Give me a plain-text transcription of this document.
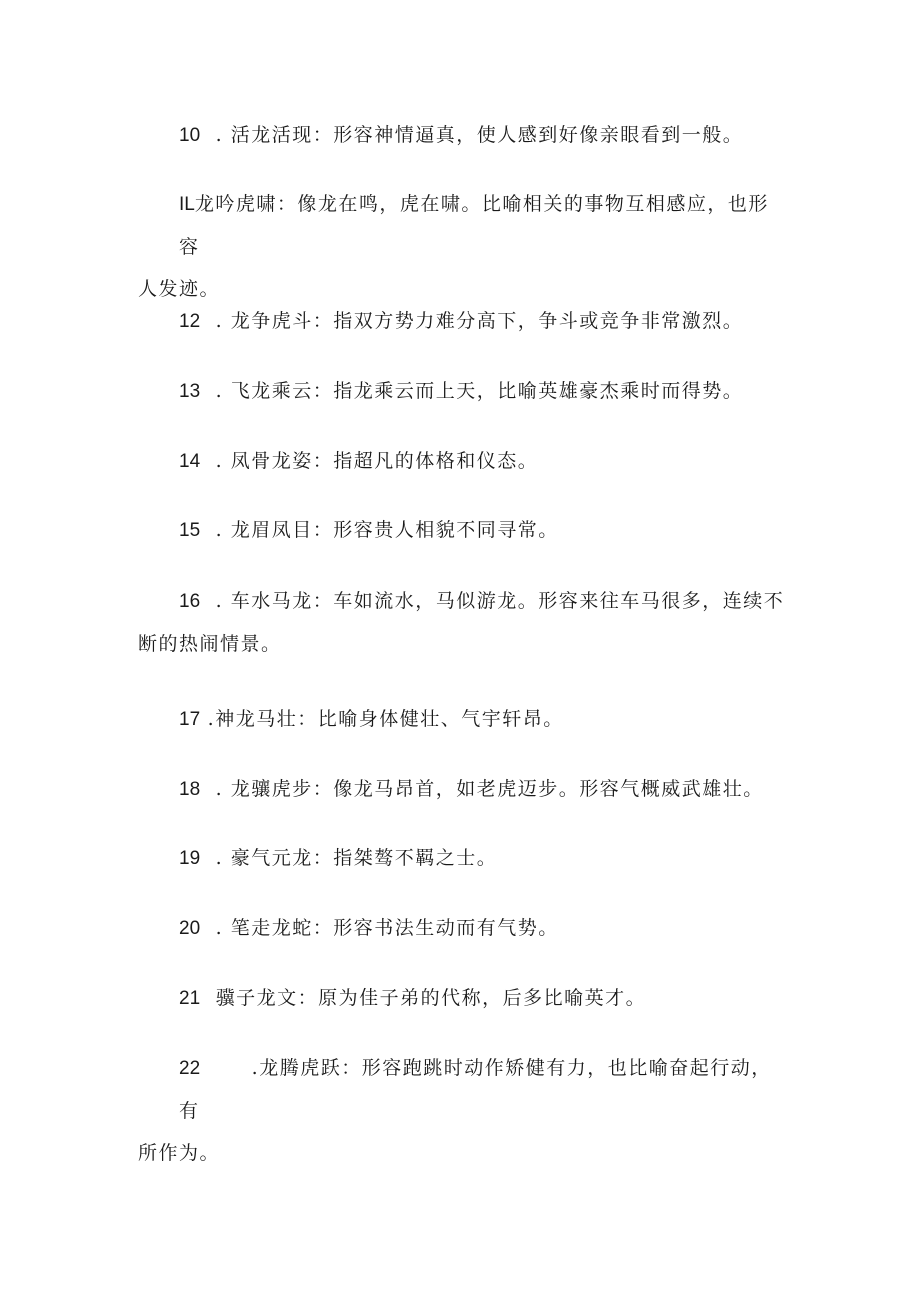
10 . 活龙活现：形容神情逼真，使人感到好像亲眼看到一般。
IL龙吟虎啸：像龙在鸣，虎在啸。比喻相关的事物互相感应，也形容
人发迹。
12 . 龙争虎斗：指双方势力难分高下，争斗或竞争非常激烈。
13 . 飞龙乘云：指龙乘云而上天，比喻英雄豪杰乘时而得势。
14 . 凤骨龙姿：指超凡的体格和仪态。
15 . 龙眉凤目：形容贵人相貌不同寻常。
16 . 车水马龙：车如流水，马似游龙。形容来往车马很多，连续不
断的热闹情景。
17 .神龙马壮：比喻身体健壮、气宇轩昂。
18 . 龙骧虎步：像龙马昂首，如老虎迈步。形容气概威武雄壮。
19 . 豪气元龙：指桀骜不羁之士。
20 . 笔走龙蛇：形容书法生动而有气势。
21 骥子龙文：原为佳子弟的代称，后多比喻英才。
22 .龙腾虎跃：形容跑跳时动作矫健有力，也比喻奋起行动，有
所作为。
